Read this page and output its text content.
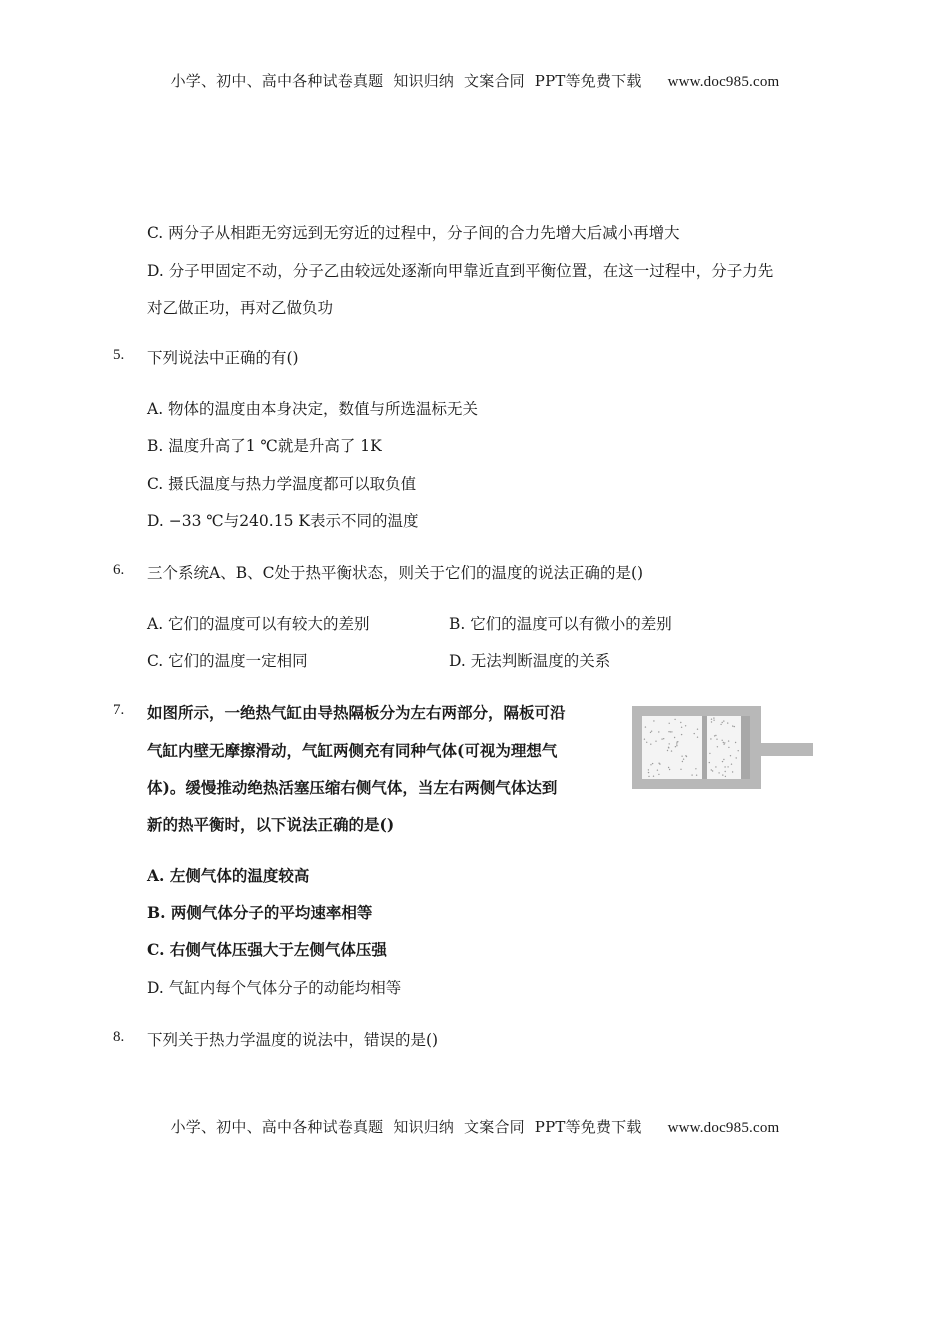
小学、初中、高中各种试卷真题  知识归纳  文案合同  PPT等免费下载 www.doc985.com
C. 两分子从相距无穷远到无穷近的过程中，分子间的合力先增大后减小再增大
D. 分子甲固定不动，分子乙由较远处逐渐向甲靠近直到平衡位置，在这一过程中，分子力先
对乙做正功，再对乙做负功
5. 下列说法中正确的有()
A. 物体的温度由本身决定，数值与所选温标无关
B. 温度升高了1 ℃就是升高了 1K
C. 摄氏温度与热力学温度都可以取负值
D. −33 ℃与240.15 K表示不同的温度
6. 三个系统A、B、C处于热平衡状态，则关于它们的温度的说法正确的是()
A. 它们的温度可以有较大的差别	B. 它们的温度可以有微小的差别
C. 它们的温度一定相同	D. 无法判断温度的关系
7. 如图所示，一绝热气缸由导热隔板分为左右两部分，隔板可沿
气缸内壁无摩擦滑动，气缸两侧充有同种气体(可视为理想气
体)。缓慢推动绝热活塞压缩右侧气体，当左右两侧气体达到
新的热平衡时，以下说法正确的是()
A. 左侧气体的温度较高
B. 两侧气体分子的平均速率相等
C. 右侧气体压强大于左侧气体压强
D. 气缸内每个气体分子的动能均相等
8. 下列关于热力学温度的说法中，错误的是()
小学、初中、高中各种试卷真题  知识归纳  文案合同  PPT等免费下载 www.doc985.com
